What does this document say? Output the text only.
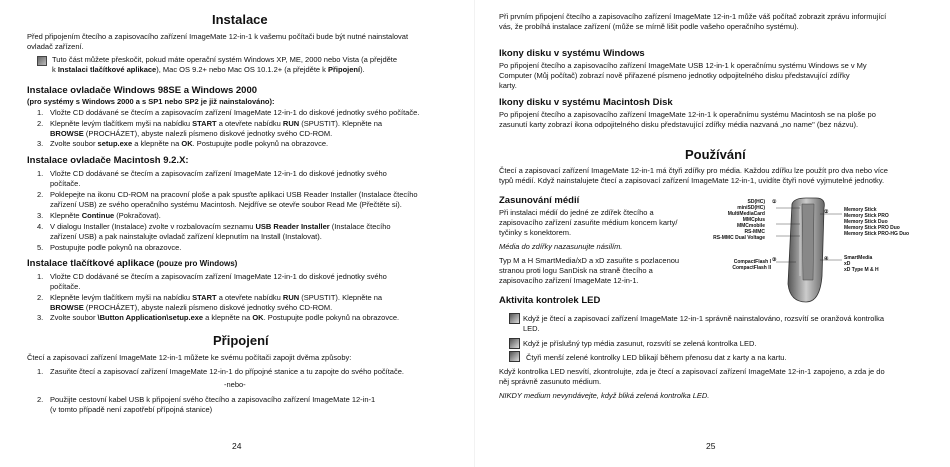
Instalace
Před připojením čtecího a zapisovacího zařízení ImageMate 12-in-1 k vašemu počítači bude být nutné nainstalovat
ovladač zařízení.
Tuto část můžete přeskočit, pokud máte operační systém Windows XP, ME, 2000 nebo Vista (a přejděte
k Instalaci tlačítkové aplikace), Mac OS 9.2+ nebo Mac OS 10.1.2+ (a přejděte k Připojení).
Instalace ovladače Windows 98SE a Windows 2000
(pro systémy s Windows 2000 a s SP1 nebo SP2 je již nainstalováno):
1. Vložte CD dodávané se čtecím a zapisovacím zařízení ImageMate 12-in-1 do diskové jednotky svého počítače.
2. Klepněte levým tlačítkem myši na nabídku START a otevřete nabídku RUN (SPUSTIT). Klepněte na
BROWSE (PROCHÁZET), abyste nalezli písmeno diskové jednotky svého CD-ROM.
3. Zvolte soubor setup.exe a klepněte na OK. Postupujte podle pokynů na obrazovce.
Instalace ovladače Macintosh 9.2.X:
1. Vložte CD dodávané se čtecím a zapisovacím zařízení ImageMate 12-in-1 do diskové jednotky svého
počítače.
2. Poklepejte na ikonu CD-ROM na pracovní ploše a pak spusťte aplikaci USB Reader Installer (Instalace čtecího
zařízení USB) ze svého operačního systému Macintosh. Nejdříve se otevře soubor Read Me (Přečtěte si).
3. Klepněte Continue (Pokračovat).
4. V dialogu Installer (Instalace) zvolte v rozbalovacím seznamu USB Reader Installer (Instalace čtecího
zařízení USB) a pak nainstalujte ovladač zařízení klepnutím na Install (Instalovat).
5. Postupujte podle pokynů na obrazovce.
Instalace tlačítkové aplikace (pouze pro Windows)
1. Vložte CD dodávané se čtecím a zapisovacím zařízení ImageMate 12-in-1 do diskové jednotky svého
počítače.
2. Klepněte levým tlačítkem myši na nabídku START a otevřete nabídku RUN (SPUSTIT). Klepněte na
BROWSE (PROCHÁZET), abyste nalezli písmeno diskové jednotky svého CD-ROM.
3. Zvolte soubor \Button Application\setup.exe a klepněte na OK. Postupujte podle pokynů na obrazovce.
Připojení
Čtecí a zapisovací zařízení ImageMate 12-in-1 můžete ke svému počítači zapojit dvěma způsoby:
1. Zasuňte čtecí a zapisovací zařízení ImageMate 12-in-1 do přípojné stanice a tu zapojte do svého počítače.
-nebo-
2. Použijte cestovní kabel USB k připojení svého čtecího a zapisovacího zařízení ImageMate 12-in-1
(v tomto případě není zapotřebí přípojná stanice)
24
Při prvním připojení čtecího a zapisovacího zařízení ImageMate 12-in-1 může váš počítač zobrazit zprávu informující
vás, že probíhá instalace zařízení (může se mírně lišit podle vašeho operačního systému).
Ikony disku v systému Windows
Po připojení čtecího a zapisovacího zařízení ImageMate USB 12-in-1 k operačnímu systému Windows se v My
Computer (Můj počítač) zobrazí nově přiřazené písmeno jednotky odpojitelného disku představující zdířky
karty.
Ikony disku v systému Macintosh Disk
Po připojení čtecího a zapisovacího zařízení ImageMate 12-in-1 k operačnímu systému Macintosh se na ploše po
zasunutí karty zobrazí ikona odpojitelného disku představující zdířky média nazvaná „no name" (bez názvu).
Používání
Čtecí a zapisovací zařízení ImageMate 12-in-1 má čtyři zdířky pro média. Každou zdířku lze použít pro dva nebo více
typů médií. Když nainstalujete čtecí a zapisovací zařízení ImageMate 12-in-1, uvidíte čtyři nové vyjmutelné jednotky.
Zasunování médií
Při instalaci médií do jedné ze zdířek čtecího a
zapisovacího zařízení zasuňte médium koncem karty/
tyčinky s konektorem.
Média do zdířky nazasunujte násilím.
Typ M a H SmartMedia/xD a xD zasuňte s pozlacenou
stranou proti logu SanDisk na straně čtecího a
zapisovacího zařízení ImageMate 12-in-1.
①
②
③	④
SD(HC)
miniSD(HC)
MultiMediaCard
MMCplus
MMCmobile
RS-MMC
RS-MMC Dual Voltage
CompactFlash I
CompactFlash II
Memory Stick
Memory Stick PRO
Memory Stick Duo
Memory Stick PRO Duo
Memory Stick PRO-HG Duo
SmartMedia
xD
xD Type M & H
Aktivita kontrolek LED
Když je čtecí a zapisovací zařízení ImageMate 12-in-1 správně nainstalováno, rozsvítí se oranžová kontrolka
LED.
Když je příslušný typ média zasunut, rozsvítí se zelená kontrolka LED.
Čtyři menší zelené kontrolky LED blikají během přenosu dat z karty a na kartu.
Když kontrolka LED nesvítí, zkontrolujte, zda je čtecí a zapisovací zařízení ImageMate 12-in-1 zapojeno, a zda je do
něj správně zasunuto médium.
NIKDY medium nevyndávejte, když bliká zelená kontrolka LED.
25
